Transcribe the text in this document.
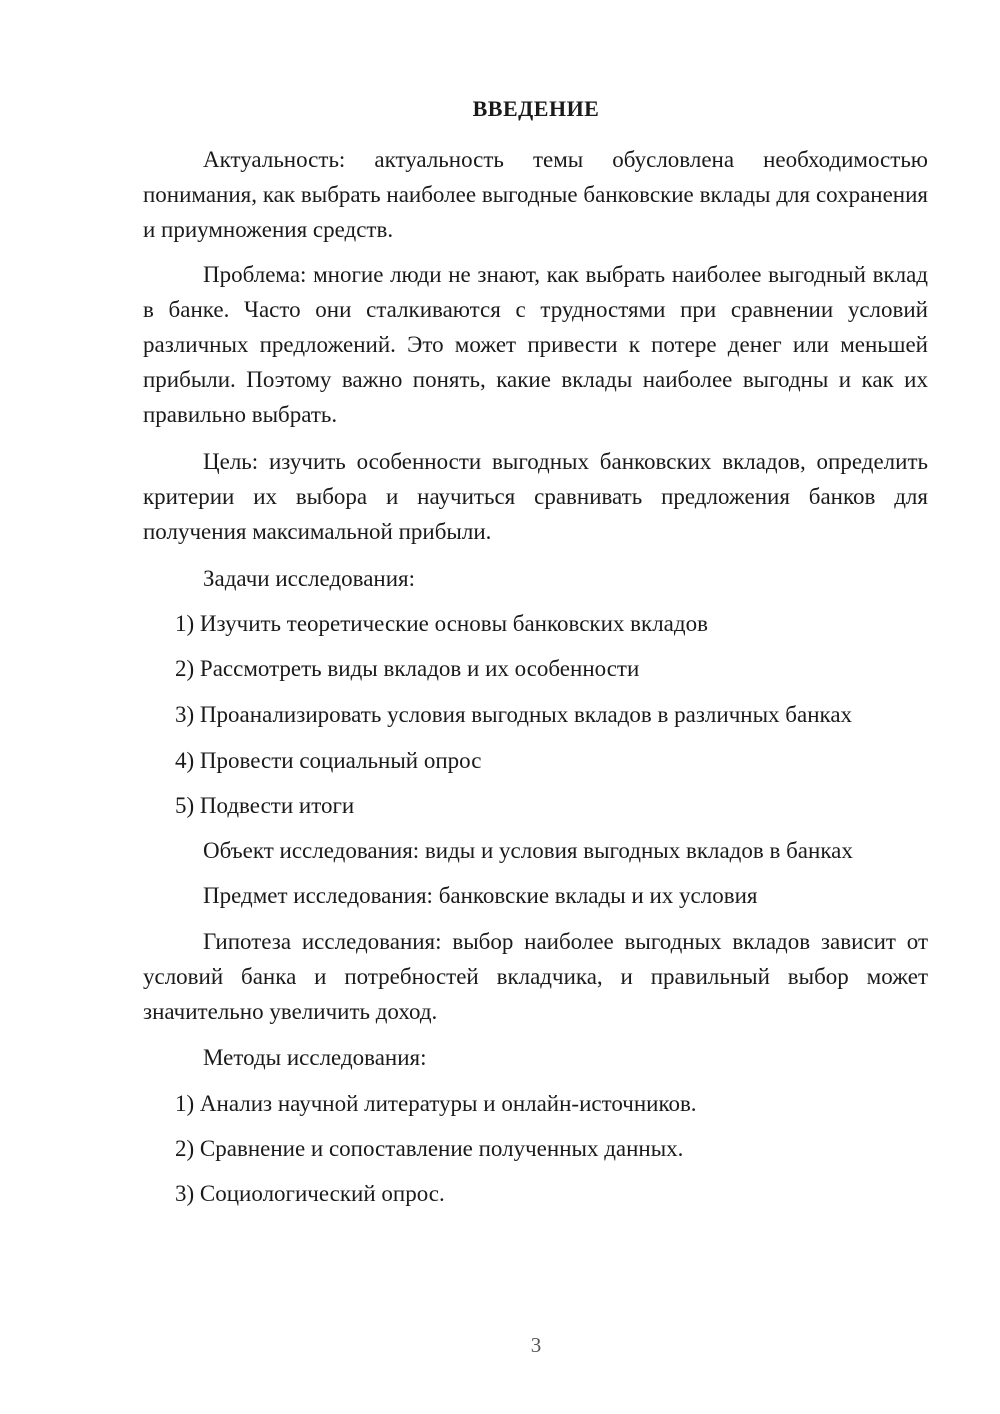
ВВЕДЕНИЕ

Актуальность: актуальность темы обусловлена необходимостью понимания, как выбрать наиболее выгодные банковские вклады для сохранения и приумножения средств.

Проблема: многие люди не знают, как выбрать наиболее выгодный вклад в банке. Часто они сталкиваются с трудностями при сравнении условий различных предложений. Это может привести к потере денег или меньшей прибыли. Поэтому важно понять, какие вклады наиболее выгодны и как их правильно выбрать.

Цель: изучить особенности выгодных банковских вкладов, определить критерии их выбора и научиться сравнивать предложения банков для получения максимальной прибыли.

Задачи исследования:

1) Изучить теоретические основы банковских вкладов

2) Рассмотреть виды вкладов и их особенности

3) Проанализировать условия выгодных вкладов в различных банках

4) Провести социальный опрос

5) Подвести итоги

Объект исследования: виды и условия выгодных вкладов в банках

Предмет исследования: банковские вклады и их условия

Гипотеза исследования: выбор наиболее выгодных вкладов зависит от условий банка и потребностей вкладчика, и правильный выбор может значительно увеличить доход.

Методы исследования:

1) Анализ научной литературы и онлайн-источников.

2) Сравнение и сопоставление полученных данных.

3) Социологический опрос.

3
